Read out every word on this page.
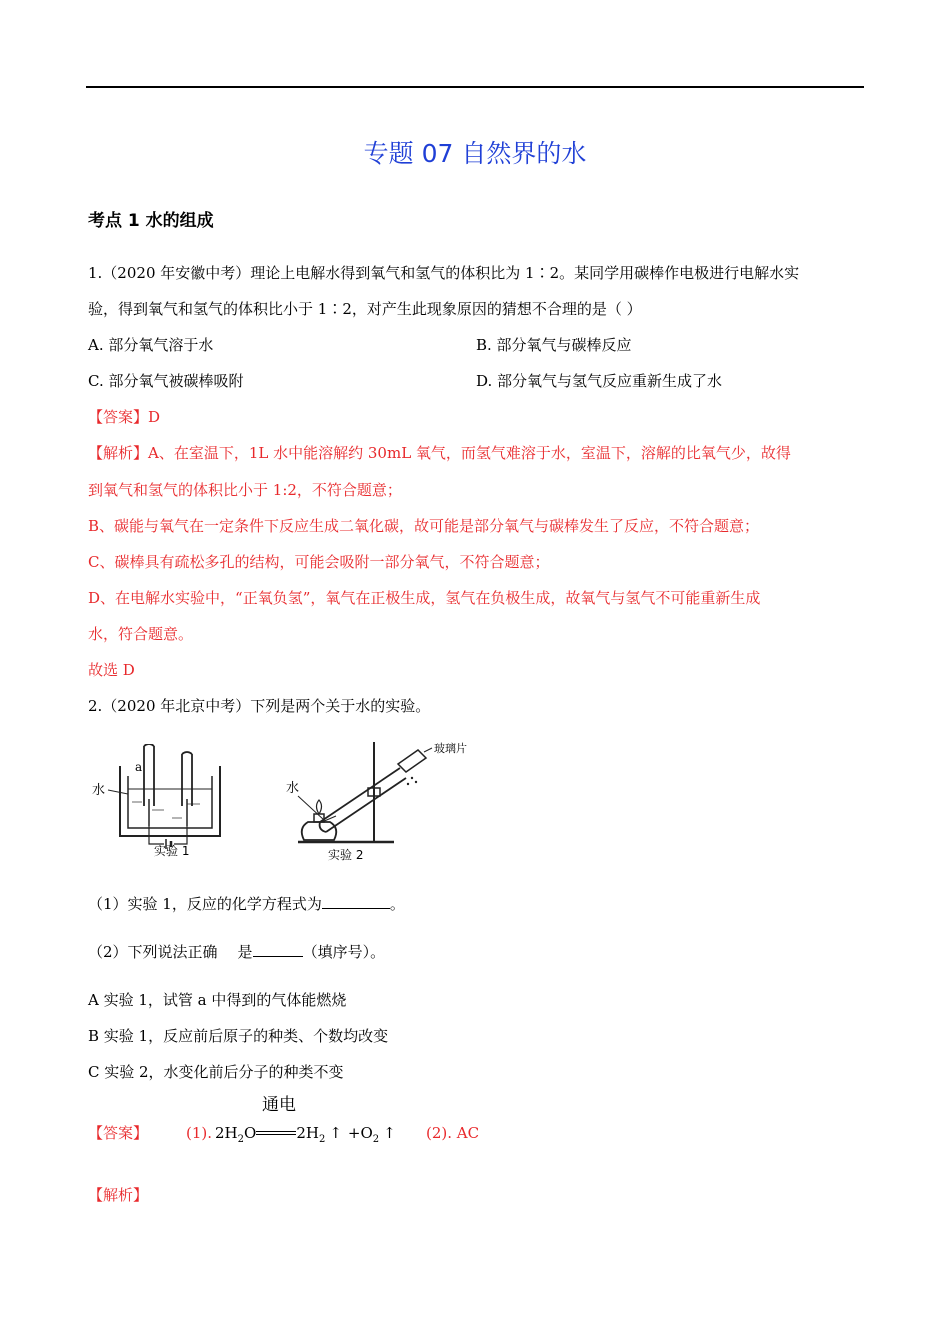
专题 07 自然界的水
考点 1 水的组成
1.（2020 年安徽中考）理论上电解水得到氧气和氢气的体积比为 1∶2。某同学用碳棒作电极进行电解水实
验，得到氧气和氢气的体积比小于 1∶2，对产生此现象原因的猜想不合理的是（ ）
A. 部分氧气溶于水	B. 部分氧气与碳棒反应
C. 部分氧气被碳棒吸附	D. 部分氧气与氢气反应重新生成了水
【答案】D
【解析】A、在室温下，1L 水中能溶解约 30mL 氧气，而氢气难溶于水，室温下，溶解的比氧气少，故得
到氧气和氢气的体积比小于 1:2，不符合题意；
B、碳能与氧气在一定条件下反应生成二氧化碳，故可能是部分氧气与碳棒发生了反应，不符合题意；
C、碳棒具有疏松多孔的结构，可能会吸附一部分氧气，不符合题意；
D、在电解水实验中，“正氧负氢”，氧气在正极生成，氢气在负极生成，故氧气与氢气不可能重新生成
水，符合题意。
故选 D
2.（2020 年北京中考）下列是两个关于水的实验。
水
a
实验 1
水
玻璃片
实验 2
（1）实验 1，反应的化学方程式为	。
（2）下列说法正确 是	（填序号）。
A 实验 1，试管 a 中得到的气体能燃烧
B 实验 1，反应前后原子的种类、个数均改变
C 实验 2，水变化前后分子的种类不变
【答案】	(1). $2H_2O$	$2H_2$ ↑ $+O_2$ ↑
通电
(2). AC
【解析】
